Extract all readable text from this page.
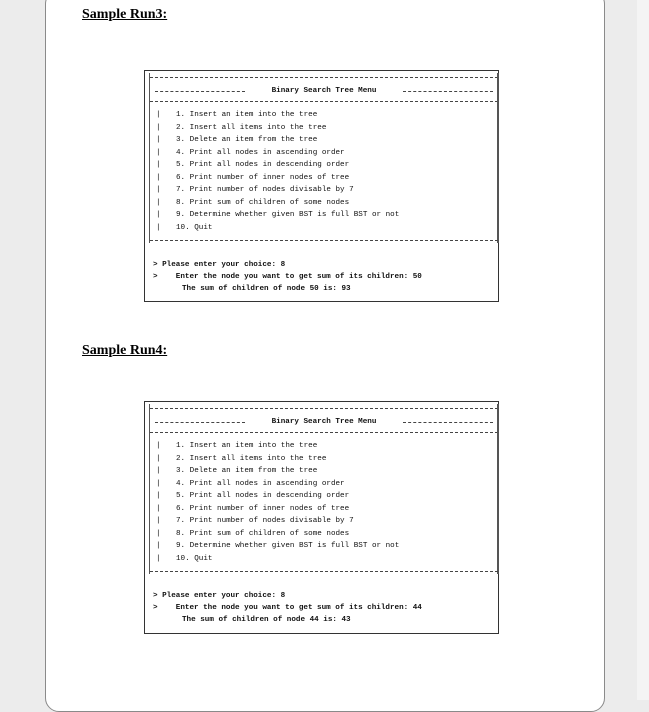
Sample Run3:

Binary Search Tree Menu
| 1. Insert an item into the tree
| 2. Insert all items into the tree
| 3. Delete an item from the tree
| 4. Print all nodes in ascending order
| 5. Print all nodes in descending order
| 6. Print number of inner nodes of tree
| 7. Print number of nodes divisable by 7
| 8. Print sum of children of some nodes
| 9. Determine whether given BST is full BST or not
| 10. Quit
> Please enter your choice: 8
>    Enter the node you want to get sum of its children: 50
The sum of children of node 50 is: 93

Sample Run4:

Binary Search Tree Menu
| 1. Insert an item into the tree
| 2. Insert all items into the tree
| 3. Delete an item from the tree
| 4. Print all nodes in ascending order
| 5. Print all nodes in descending order
| 6. Print number of inner nodes of tree
| 7. Print number of nodes divisable by 7
| 8. Print sum of children of some nodes
| 9. Determine whether given BST is full BST or not
| 10. Quit
> Please enter your choice: 8
>    Enter the node you want to get sum of its children: 44
The sum of children of node 44 is: 43
